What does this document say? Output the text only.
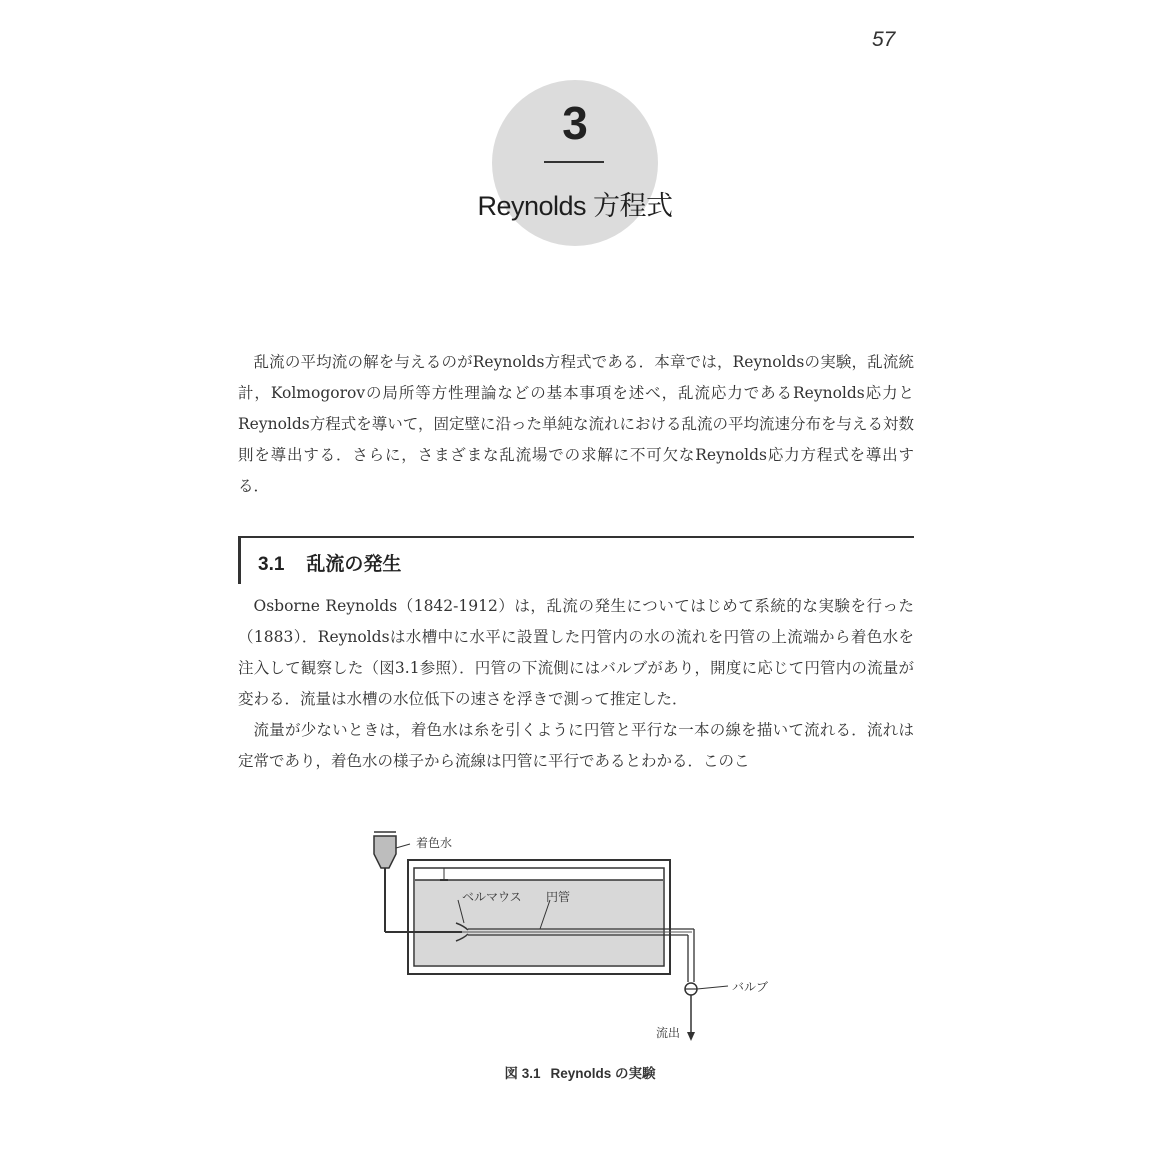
57
3
Reynolds 方程式

乱流の平均流の解を与えるのがReynolds方程式である．本章では，Reynoldsの実験，乱流統計，Kolmogorovの局所等方性理論などの基本事項を述べ，乱流応力であるReynolds応力とReynolds方程式を導いて，固定壁に沿った単純な流れにおける乱流の平均流速分布を与える対数則を導出する．さらに，さまざまな乱流場での求解に不可欠なReynolds応力方程式を導出する．

3.1 乱流の発生

Osborne Reynolds（1842-1912）は，乱流の発生についてはじめて系統的な実験を行った（1883）．Reynoldsは水槽中に水平に設置した円管内の水の流れを円管の上流端から着色水を注入して観察した（図3.1参照）．円管の下流側にはバルブがあり，開度に応じて円管内の流量が変わる．流量は水槽の水位低下の速さを浮きで測って推定した．

流量が少ないときは，着色水は糸を引くように円管と平行な一本の線を描いて流れる．流れは定常であり，着色水の様子から流線は円管に平行であるとわかる．このこ

着色水
ベルマウス 円管
バルブ
流出
図 3.1 Reynolds の実験
